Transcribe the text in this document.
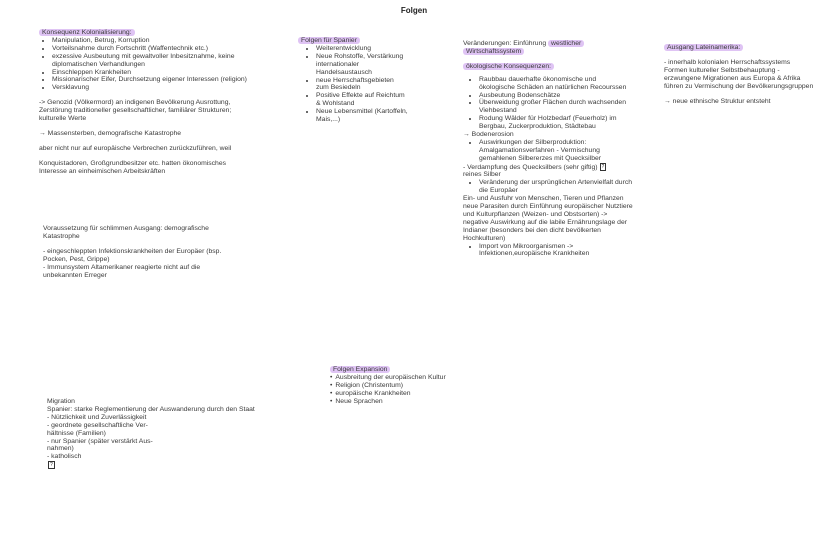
Folgen
Konsequenz Kolonialisierung:
• Manipulation, Betrug, Korruption
• Vorteilsnahme durch Fortschritt (Waffentechnik etc.)
• exzessive Ausbeutung mit gewaltvoller Inbesitznahme, keine diplomatischen Verhandlungen
• Einschleppen Krankheiten
• Missionarischer Eifer, Durchsetzung eigener Interessen (religion)
• Versklavung

-> Genozid (Völkermord) an indigenen Bevölkerung Ausrottung, Zerstörung traditioneller gesellschaftlicher, familiärer Strukturen; kulturelle Werte

→ Massensterben, demografische Katastrophe

aber nicht nur auf europäische Verbrechen zurückzuführen, weil

Konquistadoren, Großgrundbesitzer etc. hatten ökonomisches Interesse an einheimischen Arbeitskräften

Voraussetzung für schlimmen Ausgang: demografische Katastrophe

- eingeschleppten Infektionskrankheiten der Europäer (bsp. Pocken, Pest, Grippe)

- Immunsystem Altamerikaner reagierte nicht auf die unbekannten Erreger

Folgen für Spanier
• Weiterentwicklung
• Neue Rohstoffe, Verstärkung internationaler Handelsaustausch
• neue Herrschaftsgebieten zum Besiedeln
• Positive Effekte auf Reichtum & Wohlstand
• Neue Lebensmittel (Kartoffeln, Mais,...)

Veränderungen: Einführung westlicher Wirtschaftssystem

ökologische Konsequenzen:
• Raubbau dauerhafte ökonomische und ökologische Schäden an natürlichen Recourssen
• Ausbeutung Bodenschätze
• Überweidung großer Flächen durch wachsenden Viehbestand
• Rodung Wälder für Holzbedarf (Feuerholz) im Bergbau, Zuckerproduktion, Städtebau

→ Bodenerosion

• Auswirkungen der Silberproduktion: Amalgamationsverfahren - Vermischung gemahlenen Silbererzes mit Quecksilber

- Verdampfung des Quecksilbers (sehr giftig) ?

reines Silber

• Veränderung der ursprünglichen Artenvielfalt durch die Europäer

Ein- und Ausfuhr von Menschen, Tieren und Pflanzen neue Parasiten durch Einführung europäischer Nutztiere und Kulturpflanzen (Weizen- und Obstsorten) -> negative Auswirkung auf die labile Ernährungslage der Indianer (besonders bei den dicht bevölkerten Hochkulturen)

• Import von Mikroorganismen -> Infektionen,europäische Krankheiten
Ausgang Lateinamerika:

- innerhalb kolonialen Herrschaftssystems Formen kultureller Selbstbehauptung - erzwungene Migrationen aus Europa & Afrika führen zu Vermischung der Bevölkerungsgruppen

→ neue ethnische Struktur entsteht

Folgen Expansion
• Ausbreitung der europäischen Kultur
• Religion (Christentum)
• europäische Krankheiten
• Neue Sprachen

Migration

Spanier: starke Reglementierung der Auswanderung durch den Staat

- Nützlichkeit und Zuverlässigkeit

- geordnete gesellschaftliche Ver-

hältnisse (Familien)

- nur Spanier (später verstärkt Aus-

nahmen)

- katholisch

?
